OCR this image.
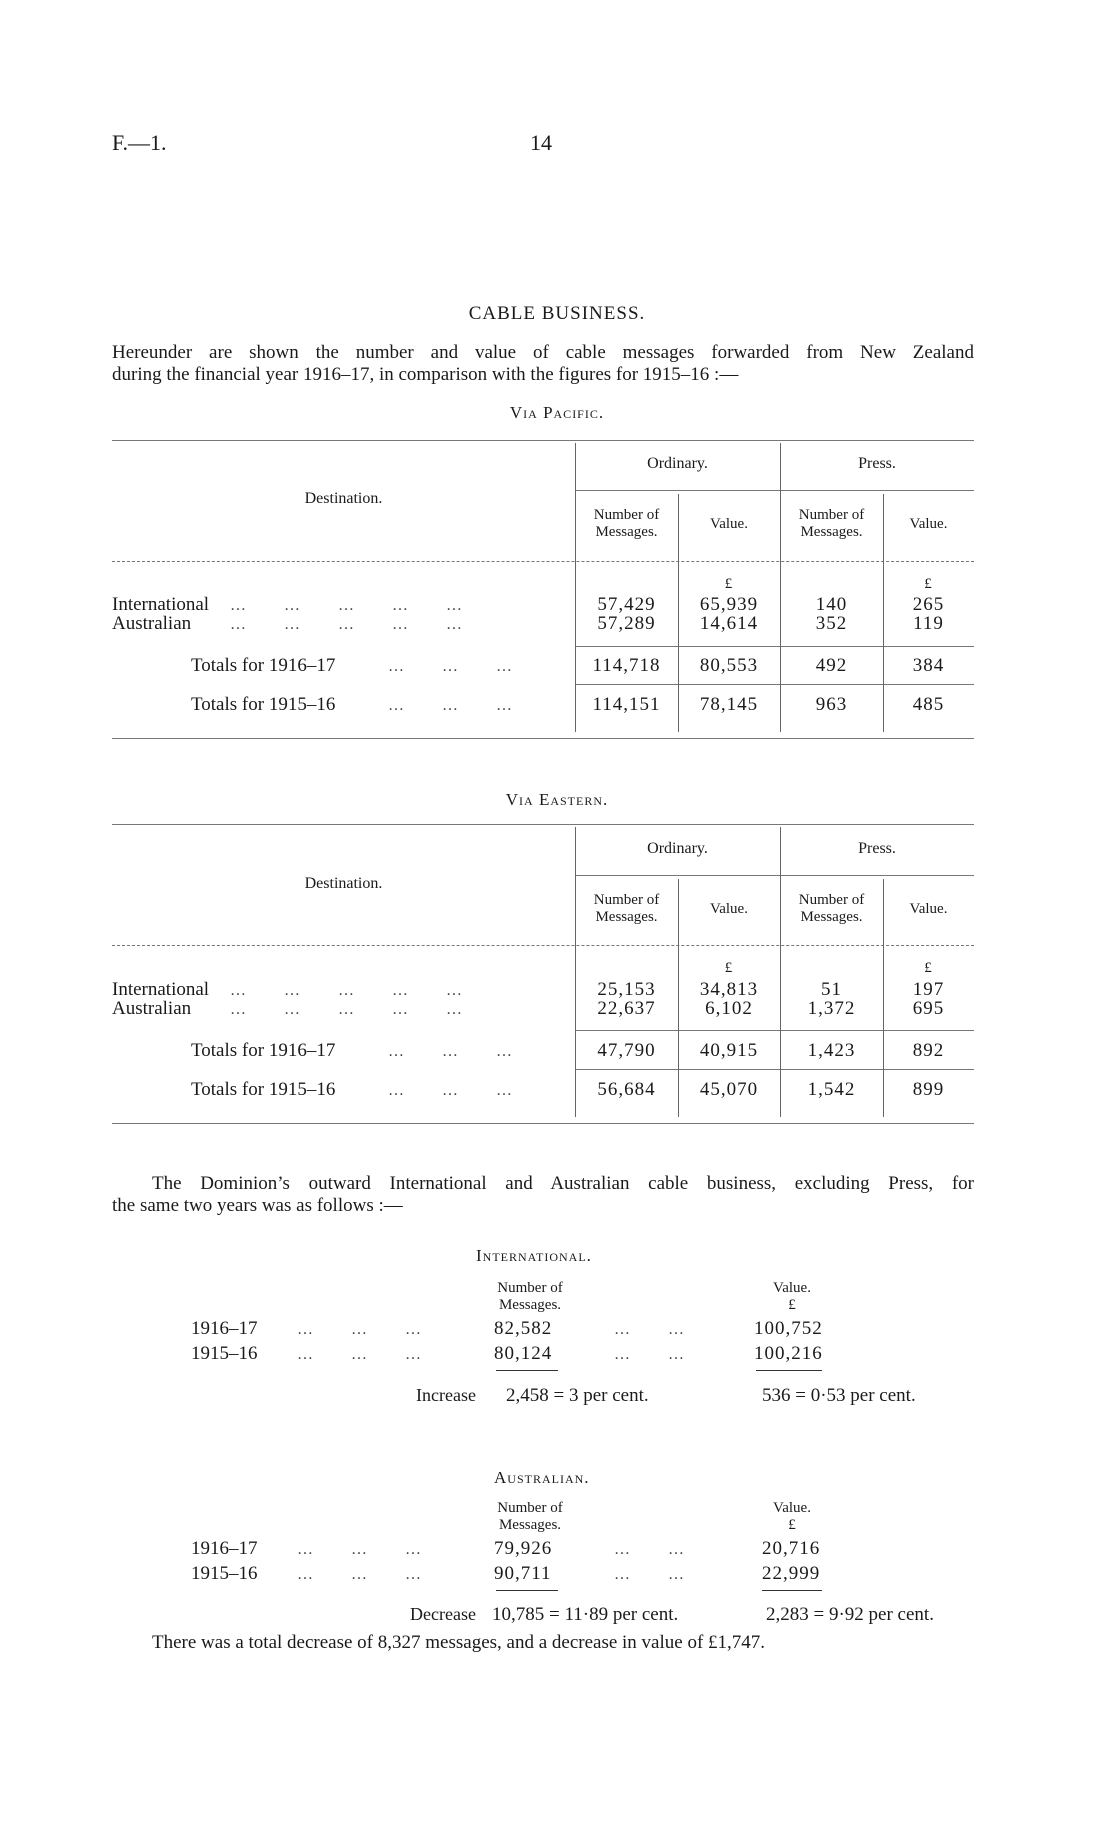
F.—1.	14
CABLE BUSINESS.
Hereunder are shown the number and value of cable messages forwarded from New Zealand
during the financial year 1916–17, in comparison with the figures for 1915–16 :—
Via Pacific.
Destination.
Ordinary.	Press.
Number of Messages.	Value.
Number of Messages.	Value.
£	£
International …  …  …  …  …	57,429	65,939	140	265
Australian …  …  …  …  …	57,289	14,614	352	119
Totals for 1916–17	…  …  …	114,718	80,553	492	384
Totals for 1915–16	…  …  …	114,151	78,145	963	485
Via Eastern.
Destination.
Ordinary.	Press.
Number of Messages.	Value.
Number of Messages.	Value.
£	£
International …  …  …  …  …	25,153	34,813	51	197
Australian …  …  …  …  …	22,637	6,102	1,372	695
Totals for 1916–17	…  …  …	47,790	40,915	1,423	892
Totals for 1915–16	…  …  …	56,684	45,070	1,542	899
The Dominion’s outward International and Australian cable business, excluding Press, for
the same two years was as follows :—
International.
Number of Messages.
Value.
£
1916–17 …  …  …	82,582	…  …	100,752
1915–16 …  …  …	80,124	…  …	100,216
Increase 2,458 = 3 per cent.	536 = 0·53 per cent.
Australian.
Number of Messages.
Value.
£
1916–17 …  …  …	79,926	…  …	20,716
1915–16 …  …  …	90,711	…  …	22,999
Decrease 10,785 = 11·89 per cent.	2,283 = 9·92 per cent.
There was a total decrease of 8,327 messages, and a decrease in value of £1,747.
